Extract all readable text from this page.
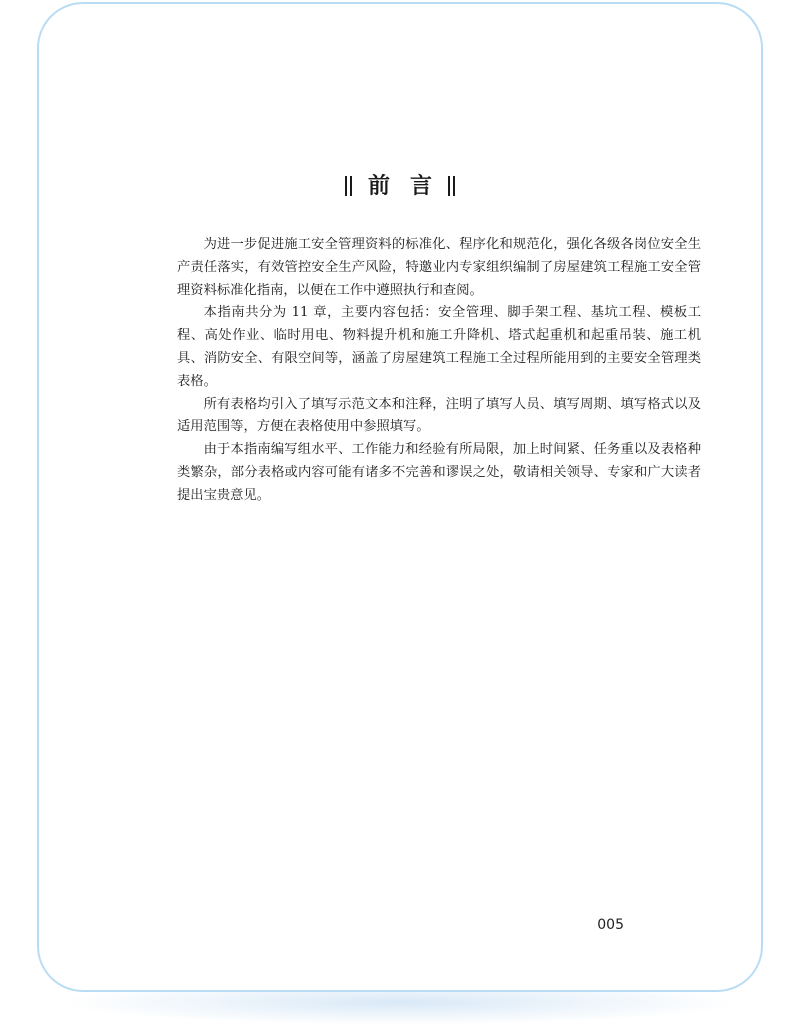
前言

为进一步促进施工安全管理资料的标准化、程序化和规范化，强化各级各岗位安全生产责任落实，有效管控安全生产风险，特邀业内专家组织编制了房屋建筑工程施工安全管理资料标准化指南，以便在工作中遵照执行和查阅。

本指南共分为 11 章，主要内容包括：安全管理、脚手架工程、基坑工程、模板工程、高处作业、临时用电、物料提升机和施工升降机、塔式起重机和起重吊装、施工机具、消防安全、有限空间等，涵盖了房屋建筑工程施工全过程所能用到的主要安全管理类表格。

所有表格均引入了填写示范文本和注释，注明了填写人员、填写周期、填写格式以及适用范围等，方便在表格使用中参照填写。

由于本指南编写组水平、工作能力和经验有所局限，加上时间紧、任务重以及表格种类繁杂，部分表格或内容可能有诸多不完善和谬误之处，敬请相关领导、专家和广大读者提出宝贵意见。

005
